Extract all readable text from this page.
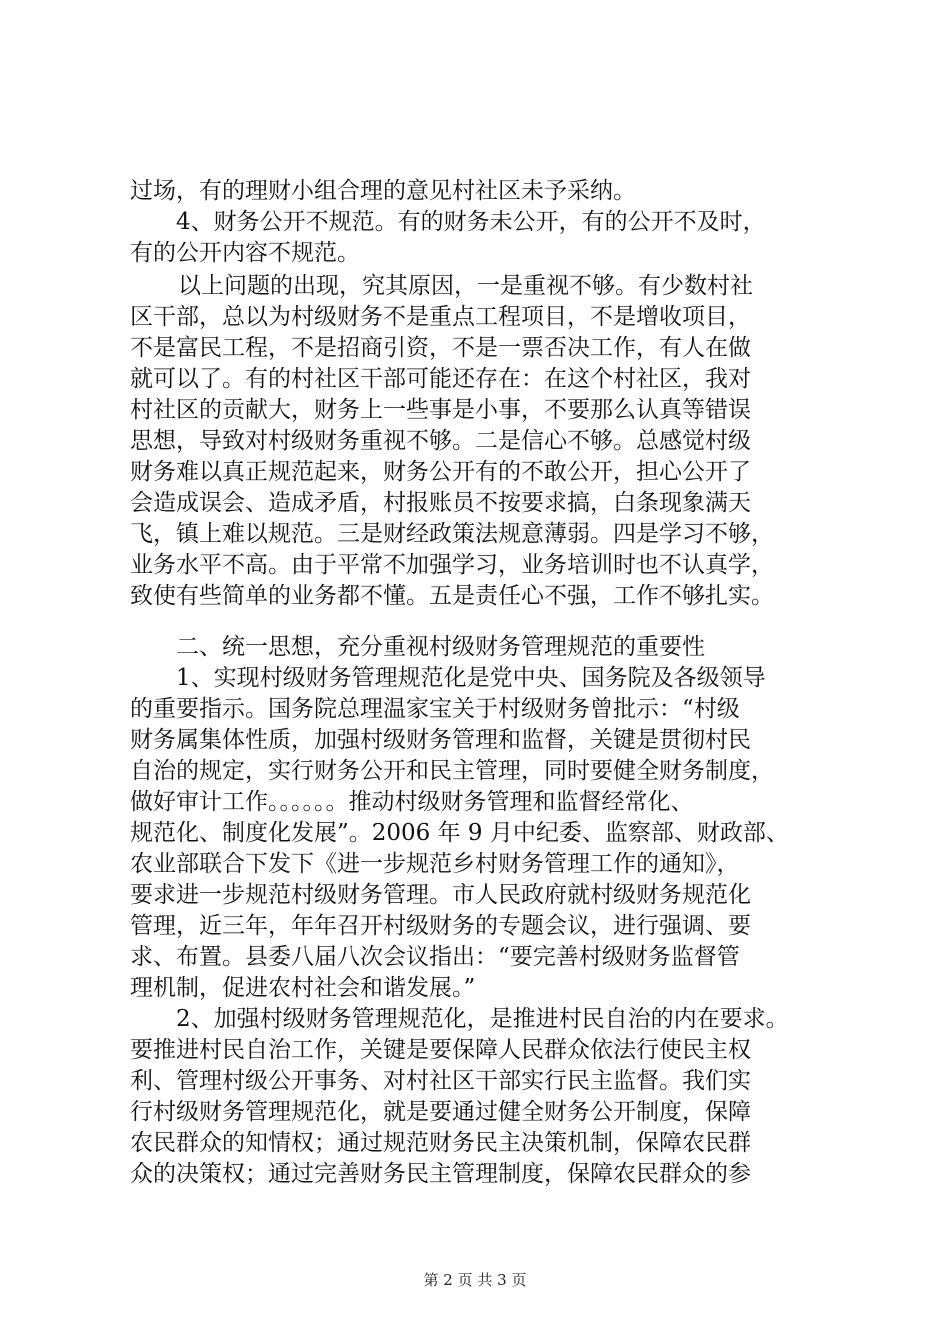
过场，有的理财小组合理的意见村社区未予采纳。
4、财务公开不规范。有的财务未公开，有的公开不及时，
有的公开内容不规范。
以上问题的出现，究其原因，一是重视不够。有少数村社
区干部，总以为村级财务不是重点工程项目，不是增收项目，
不是富民工程，不是招商引资，不是一票否决工作，有人在做
就可以了。有的村社区干部可能还存在：在这个村社区，我对
村社区的贡献大，财务上一些事是小事，不要那么认真等错误
思想，导致对村级财务重视不够。二是信心不够。总感觉村级
财务难以真正规范起来，财务公开有的不敢公开，担心公开了
会造成误会、造成矛盾，村报账员不按要求搞，白条现象满天
飞，镇上难以规范。三是财经政策法规意薄弱。四是学习不够，
业务水平不高。由于平常不加强学习，业务培训时也不认真学，
致使有些简单的业务都不懂。五是责任心不强，工作不够扎实。
二、统一思想，充分重视村级财务管理规范的重要性
1、实现村级财务管理规范化是党中央、国务院及各级领导
的重要指示。国务院总理温家宝关于村级财务曾批示：“村级
财务属集体性质，加强村级财务管理和监督，关键是贯彻村民
自治的规定，实行财务公开和民主管理，同时要健全财务制度，
做好审计工作。。。。。。推动村级财务管理和监督经常化、
规范化、制度化发展”。2006 年 9 月中纪委、监察部、财政部、
农业部联合下发下《进一步规范乡村财务管理工作的通知》，
要求进一步规范村级财务管理。市人民政府就村级财务规范化
管理，近三年，年年召开村级财务的专题会议，进行强调、要
求、布置。县委八届八次会议指出：“要完善村级财务监督管
理机制，促进农村社会和谐发展。”
2、加强村级财务管理规范化，是推进村民自治的内在要求。
要推进村民自治工作，关键是要保障人民群众依法行使民主权
利、管理村级公开事务、对村社区干部实行民主监督。我们实
行村级财务管理规范化，就是要通过健全财务公开制度，保障
农民群众的知情权；通过规范财务民主决策机制，保障农民群
众的决策权；通过完善财务民主管理制度，保障农民群众的参
第 2 页 共 3 页
